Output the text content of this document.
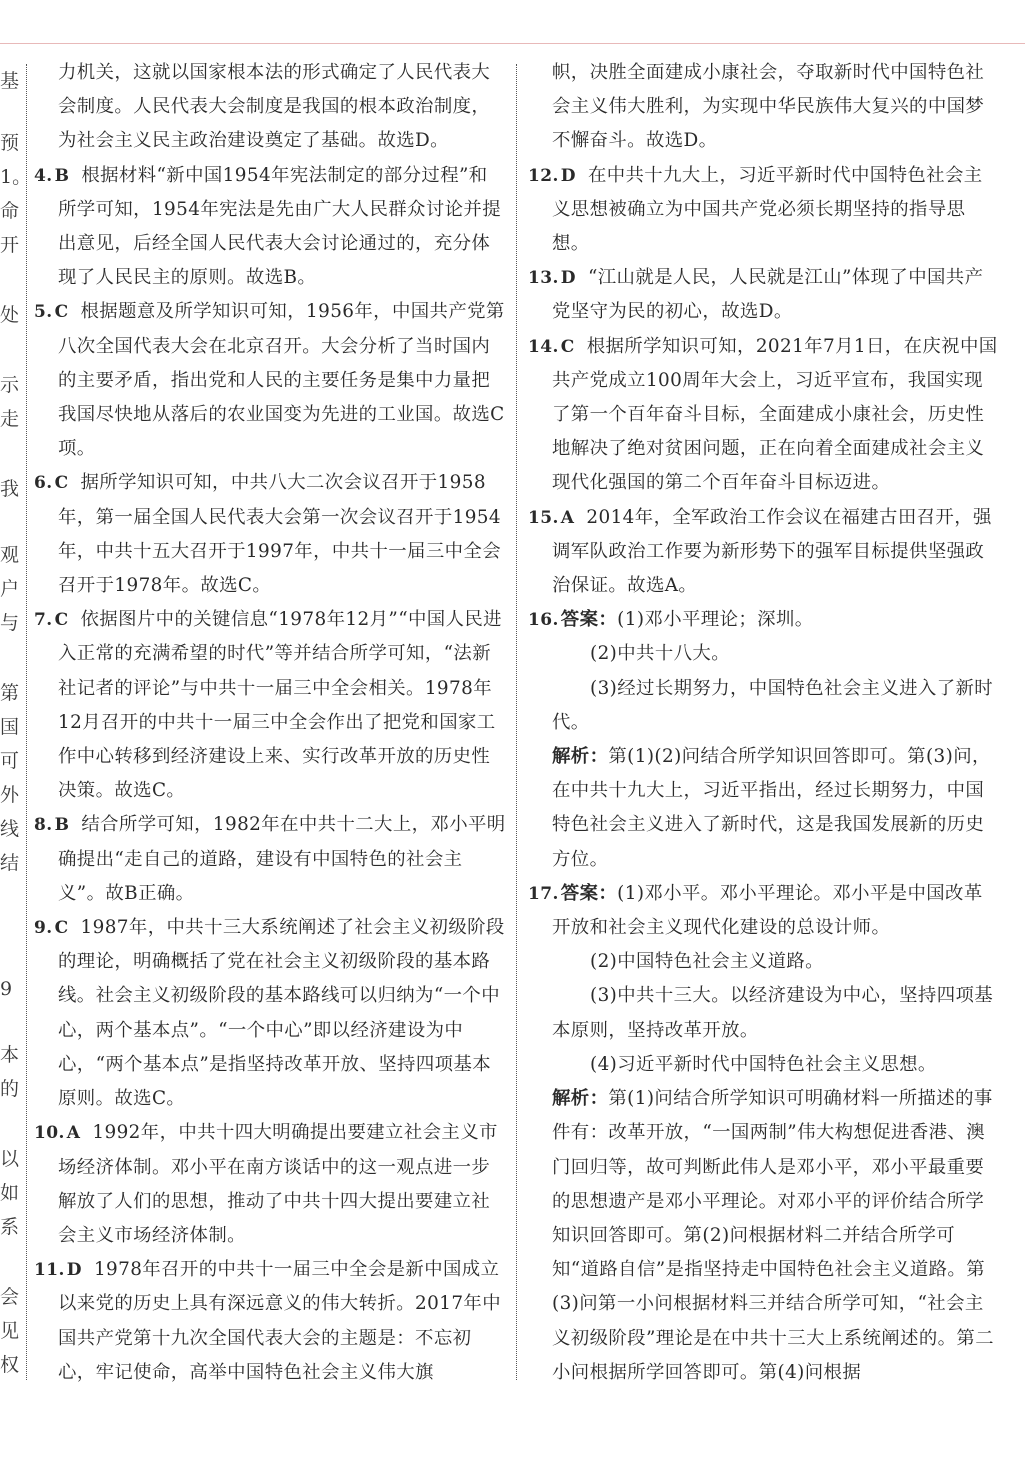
基
预
1。
命
开
处
示
走
我
观
户
与
第
国
可
外
线
结
9
本
的
以
如
系
会
见
权
力机关，这就以国家根本法的形式确定了人民代表大会制度。人民代表大会制度是我国的根本政治制度，为社会主义民主政治建设奠定了基础。故选D。
4. B 根据材料“新中国1954年宪法制定的部分过程”和所学可知，1954年宪法是先由广大人民群众讨论并提出意见，后经全国人民代表大会讨论通过的，充分体现了人民民主的原则。故选B。
5. C 根据题意及所学知识可知，1956年，中国共产党第八次全国代表大会在北京召开。大会分析了当时国内的主要矛盾，指出党和人民的主要任务是集中力量把我国尽快地从落后的农业国变为先进的工业国。故选C项。
6. C 据所学知识可知，中共八大二次会议召开于1958年，第一届全国人民代表大会第一次会议召开于1954年，中共十五大召开于1997年，中共十一届三中全会召开于1978年。故选C。
7. C 依据图片中的关键信息“1978年12月”“中国人民进入正常的充满希望的时代”等并结合所学可知，“法新社记者的评论”与中共十一届三中全会相关。1978年12月召开的中共十一届三中全会作出了把党和国家工作中心转移到经济建设上来、实行改革开放的历史性决策。故选C。
8. B 结合所学可知，1982年在中共十二大上，邓小平明确提出“走自己的道路，建设有中国特色的社会主义”。故B正确。
9. C 1987年，中共十三大系统阐述了社会主义初级阶段的理论，明确概括了党在社会主义初级阶段的基本路线。社会主义初级阶段的基本路线可以归纳为“一个中心，两个基本点”。“一个中心”即以经济建设为中心，“两个基本点”是指坚持改革开放、坚持四项基本原则。故选C。
10. A 1992年，中共十四大明确提出要建立社会主义市场经济体制。邓小平在南方谈话中的这一观点进一步解放了人们的思想，推动了中共十四大提出要建立社会主义市场经济体制。
11. D 1978年召开的中共十一届三中全会是新中国成立以来党的历史上具有深远意义的伟大转折。2017年中国共产党第十九次全国代表大会的主题是：不忘初心，牢记使命，高举中国特色社会主义伟大旗
帜，决胜全面建成小康社会，夺取新时代中国特色社会主义伟大胜利，为实现中华民族伟大复兴的中国梦不懈奋斗。故选D。
12. D 在中共十九大上，习近平新时代中国特色社会主义思想被确立为中国共产党必须长期坚持的指导思想。
13. D “江山就是人民，人民就是江山”体现了中国共产党坚守为民的初心，故选D。
14. C 根据所学知识可知，2021年7月1日，在庆祝中国共产党成立100周年大会上，习近平宣布，我国实现了第一个百年奋斗目标，全面建成小康社会，历史性地解决了绝对贫困问题，正在向着全面建成社会主义现代化强国的第二个百年奋斗目标迈进。
15. A 2014年，全军政治工作会议在福建古田召开，强调军队政治工作要为新形势下的强军目标提供坚强政治保证。故选A。
16. 答案：(1)邓小平理论；深圳。
(2)中共十八大。
(3)经过长期努力，中国特色社会主义进入了新时代。
解析：第(1)(2)问结合所学知识回答即可。第(3)问，在中共十九大上，习近平指出，经过长期努力，中国特色社会主义进入了新时代，这是我国发展新的历史方位。
17. 答案：(1)邓小平。邓小平理论。邓小平是中国改革开放和社会主义现代化建设的总设计师。
(2)中国特色社会主义道路。
(3)中共十三大。以经济建设为中心，坚持四项基本原则，坚持改革开放。
(4)习近平新时代中国特色社会主义思想。
解析：第(1)问结合所学知识可明确材料一所描述的事件有：改革开放，“一国两制”伟大构想促进香港、澳门回归等，故可判断此伟人是邓小平，邓小平最重要的思想遗产是邓小平理论。对邓小平的评价结合所学知识回答即可。第(2)问根据材料二并结合所学可知“道路自信”是指坚持走中国特色社会主义道路。第(3)问第一小问根据材料三并结合所学可知，“社会主义初级阶段”理论是在中共十三大上系统阐述的。第二小问根据所学回答即可。第(4)问根据
